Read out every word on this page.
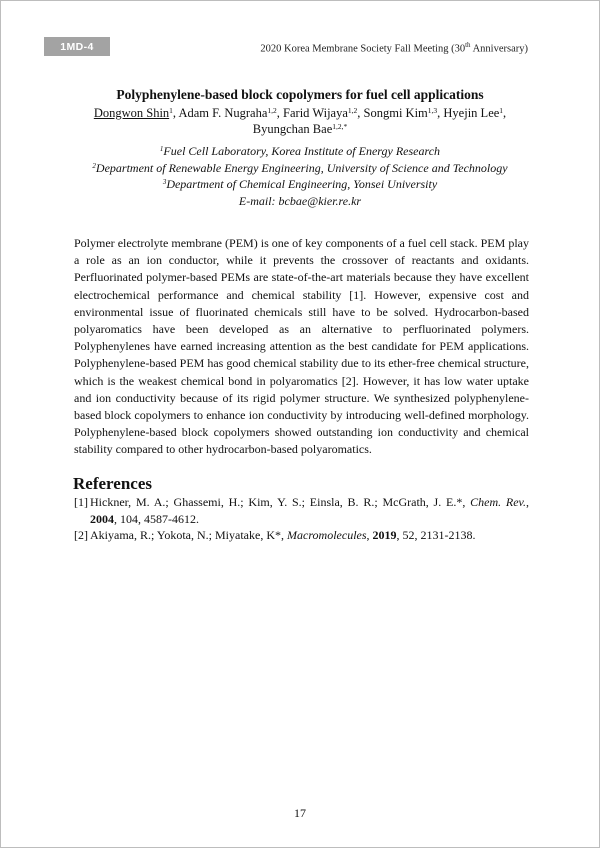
1MD-4	2020 Korea Membrane Society Fall Meeting (30th Anniversary)
Polyphenylene-based block copolymers for fuel cell applications
Dongwon Shin$^1$, Adam F. Nugraha$^{1,2}$, Farid Wijaya$^{1,2}$, Songmi Kim$^{1,3}$, Hyejin Lee$^1$,
Byungchan Bae$^{1,2,*}$
$^1$Fuel Cell Laboratory, Korea Institute of Energy Research
$^2$Department of Renewable Energy Engineering, University of Science and Technology
$^3$Department of Chemical Engineering, Yonsei University
E-mail: bcbae@kier.re.kr
Polymer electrolyte membrane (PEM) is one of key components of a fuel cell stack. PEM play a role as an ion conductor, while it prevents the crossover of reactants and oxidants. Perfluorinated polymer-based PEMs are state-of-the-art materials because they have excellent electrochemical performance and chemical stability [1]. However, expensive cost and environmental issue of fluorinated chemicals still have to be solved. Hydrocarbon-based polyaromatics have been developed as an alternative to perfluorinated polymers. Polyphenylenes have earned increasing attention as the best candidate for PEM applications. Polyphenylene-based PEM has good chemical stability due to its ether-free chemical structure, which is the weakest chemical bond in polyaromatics [2]. However, it has low water uptake and ion conductivity because of its rigid polymer structure. We synthesized polyphenylene-based block copolymers to enhance ion conductivity by introducing well-defined morphology. Polyphenylene-based block copolymers showed outstanding ion conductivity and chemical stability compared to other hydrocarbon-based polyaromatics.
References
[1] Hickner, M. A.; Ghassemi, H.; Kim, Y. S.; Einsla, B. R.; McGrath, J. E.*, Chem. Rev., 2004, 104, 4587-4612.
[2] Akiyama, R.; Yokota, N.; Miyatake, K*, Macromolecules, 2019, 52, 2131-2138.
17
